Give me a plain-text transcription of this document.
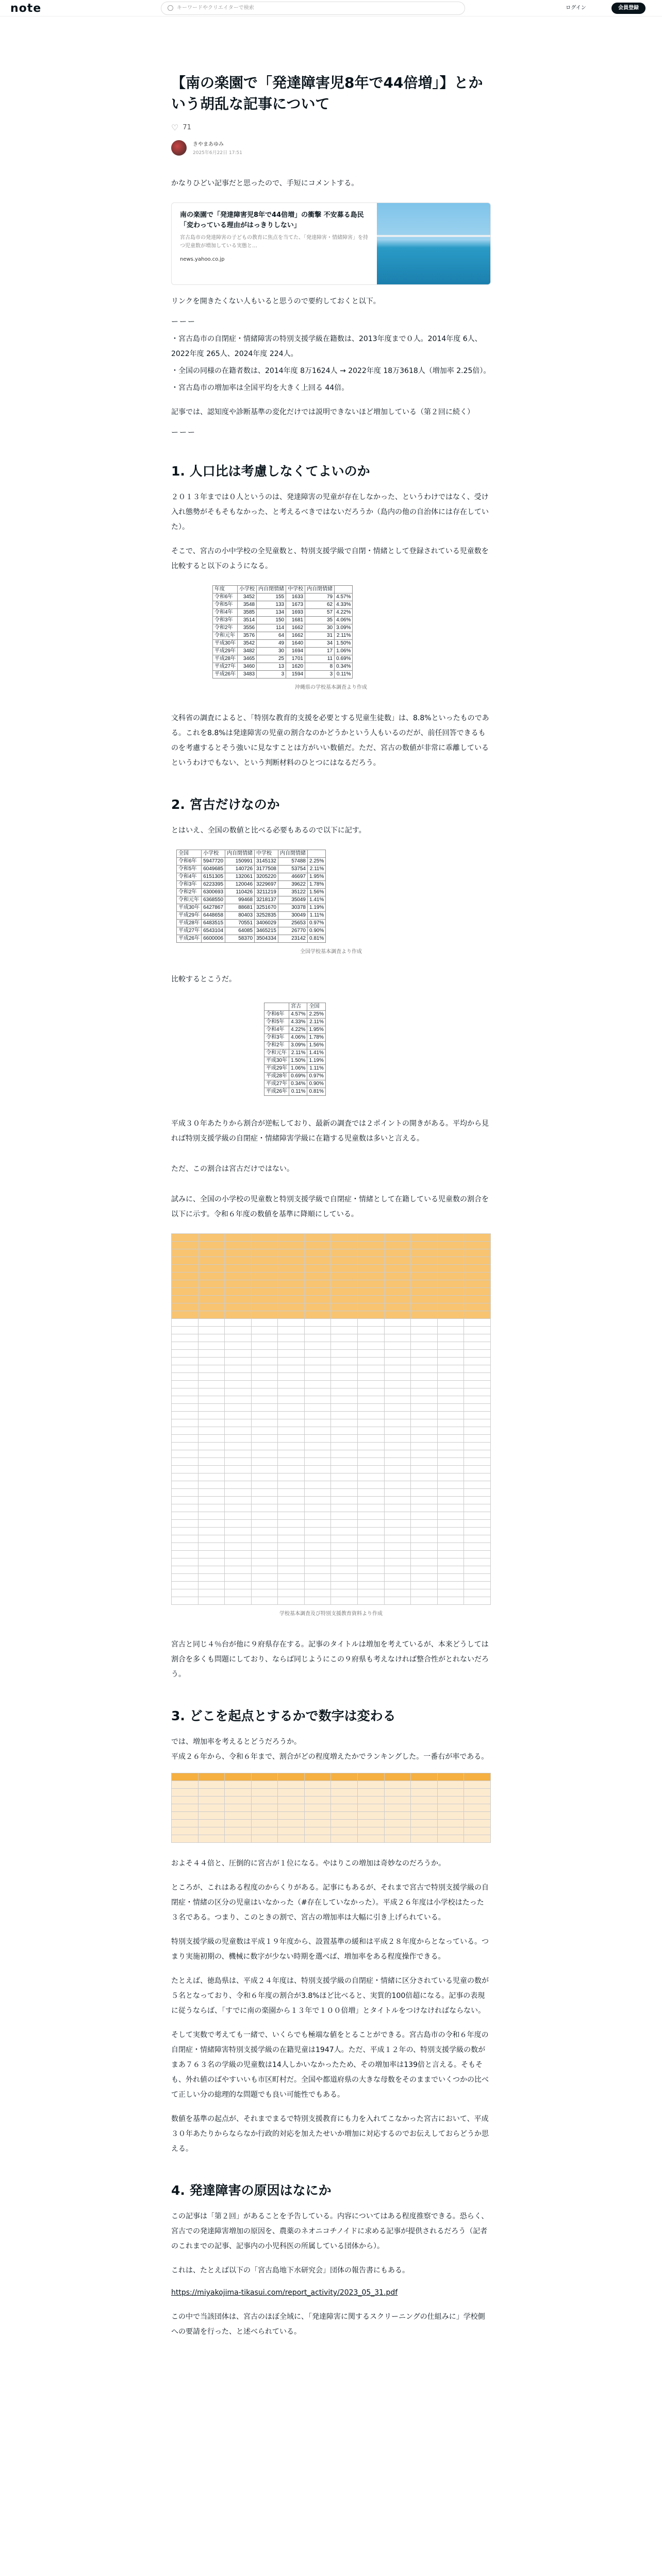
note	キーワードやクリエイターで検索	ログイン	会員登録
【南の楽園で「発達障害児8年で44倍増」】とかいう胡乱な記事について
♡ 71
きやまあゆみ
2025年6月22日 17:51

かなりひどい記事だと思ったので、手短にコメントする。

南の楽園で「発達障害児8年で44倍増」の衝撃 不安募る島民「変わっている理由がはっきりしない」
宮古島市の発達障害の子どもの教育に焦点を当てた、「発達障害・情緒障害」を持つ児童数が増加している実態と…
news.yahoo.co.jp

リンクを開きたくない人もいると思うので要約しておくと以下。

ーーー

・宮古島市の自閉症・情緒障害の特別支援学級在籍数は、2013年度まで０人。2014年度 6人、2022年度 265人、2024年度 224人。

・全国の同様の在籍者数は、2014年度 8万1624人 → 2022年度 18万3618人（増加率 2.25倍）。

・宮古島市の増加率は全国平均を大きく上回る 44倍。

記事では、認知度や診断基準の変化だけでは説明できないほど増加している（第２回に続く）

ーーー
1. 人口比は考慮しなくてよいのか

２０１３年までは０人というのは、発達障害の児童が存在しなかった、というわけではなく、受け入れ態勢がそもそもなかった、と考えるべきではないだろうか（島内の他の自治体には存在していた）。

そこで、宮古の小中学校の全児童数と、特別支援学級で自閉・情緒として登録されている児童数を比較すると以下のようになる。

年度	小学校	内自閉情緒	中学校	内自閉情緒	
令和6年	3452	155	1633	79	4.57%
令和5年	3548	133	1673	62	4.33%
令和4年	3585	134	1693	57	4.22%
令和3年	3514	150	1681	35	4.06%
令和2年	3556	114	1662	30	3.09%
令和元年	3576	64	1662	31	2.11%
平成30年	3542	49	1640	34	1.50%
平成29年	3482	30	1694	17	1.06%
平成28年	3465	25	1701	11	0.69%
平成27年	3460	13	1620	8	0.34%
平成26年	3483	3	1594	3	0.11%
沖縄県の学校基本調査より作成

文科省の調査によると、「特別な教育的支援を必要とする児童生徒数」は、8.8%といったものである。これを8.8%は発達障害の児童の割合なのかどうかという人もいるのだが、前任回答できるものを考慮するとそう強いに見なすことは方がいい数値だ。ただ、宮古の数値が非常に乖離しているというわけでもない、という判断材料のひとつにはなるだろう。

2. 宮古だけなのか

とはいえ、全国の数値と比べる必要もあるので以下に記す。

全国	小学校	内自閉情緒	中学校	内自閉情緒	
令和6年	5947720	150991	3145132	57488	2.25%
令和5年	6049685	140726	3177508	53754	2.11%
令和4年	6151305	132061	3205220	46697	1.95%
令和3年	6223395	120046	3229697	39622	1.78%
令和2年	6300693	110426	3211219	35122	1.56%
令和元年	6368550	99468	3218137	35049	1.41%
平成30年	6427867	88681	3251670	30378	1.19%
平成29年	6448658	80403	3252835	30049	1.11%
平成28年	6483515	70551	3406029	25653	0.97%
平成27年	6543104	64085	3465215	26770	0.90%
平成26年	6600006	58370	3504334	23142	0.81%
全国学校基本調査より作成

比較するとこうだ。

	宮古	全国
令和6年	4.57%	2.25%
令和5年	4.33%	2.11%
令和4年	4.22%	1.95%
令和3年	4.06%	1.78%
令和2年	3.09%	1.56%
令和元年	2.11%	1.41%
平成30年	1.50%	1.19%
平成29年	1.06%	1.11%
平成28年	0.69%	0.97%
平成27年	0.34%	0.90%
平成26年	0.11%	0.81%

平成３０年あたりから割合が逆転しており、最新の調査では２ポイントの開きがある。平均から見れば特別支援学級の自閉症・情緒障害学級に在籍する児童数は多いと言える。

ただ、この割合は宮古だけではない。

試みに、全国の小学校の児童数と特別支援学級で自閉症・情緒として在籍している児童数の割合を以下に示す。令和６年度の数値を基準に降順にしている。

学校基本調査及び特別支援教育資料より作成

宮古と同じ４％台が他に９府県存在する。記事のタイトルは増加を考えているが、本来どうしては割合を多くも問題にしており、ならば同じようにこの９府県も考えなければ整合性がとれないだろう。

3. どこを起点とするかで数字は変わる

では、増加率を考えるとどうだろうか。

平成２６年から、令和６年まで、割合がどの程度増えたかでランキングした。一番右が率である。

およそ４４倍と、圧倒的に宮古が１位になる。やはりこの増加は奇妙なのだろうか。

ところが、これはある程度のからくりがある。記事にもあるが、それまで宮古で特別支援学級の自閉症・情緒の区分の児童はいなかった（#存在していなかった）。平成２６年度は小学校はたった３名である。つまり、このときの割で、宮古の増加率は大幅に引き上げられている。

特別支援学級の児童数は平成１９年度から、設置基準の緩和は平成２８年度からとなっている。つまり実施初期の、機械に数字が少ない時期を選べば、増加率をある程度操作できる。

たとえば、徳島県は、平成２４年度は、特別支援学級の自閉症・情緒に区分されている児童の数が５名となっており、令和６年度の割合が3.8%ほど比べると、実質的100倍超になる。記事の表現に従うならば、「すでに南の楽園から１３年で１００倍増」とタイトルをつけなければならない。

そして実数で考えても一緒で、いくらでも極端な値をとることができる。宮古島市の令和６年度の自閉症・情緒障害特別支援学級の在籍児童は1947人。ただ、平成１２年の、特別支援学級の数がまあ７６３名の学級の児童数は14人しかいなかったため、その増加率は139倍と言える。そもそも、外れ値のばやすいいも市区町村だ。全国や都道府県の大きな母数をそのままでいくつかの比べて正しい分の総理的な問題でも良い可能性でもある。

数値を基準の起点が、それまでまるで特別支援教育にも力を入れてこなかった宮古において、平成３０年あたりからならなか行政的対応を加えたせいか増加に対応するのでお伝えしておらどうか思える。

4. 発達障害の原因はなにか

この記事は「第２回」があることを予告している。内容についてはある程度推察できる。恐らく、宮古での発達障害増加の原因を、農薬のネオニコチノイドに求める記事が提供されるだろう（記者のこれまでの記事、記事内の小児科医の所属している団体から）。

これは、たとえば以下の「宮古島地下水研究会」団体の報告書にもある。

https://miyakojima-tikasui.com/report_activity/2023_05_31.pdf

この中で当該団体は、宮古のほぼ全域に、「発達障害に関するスクリーニングの仕組みに」学校側への要請を行った、と述べられている。
